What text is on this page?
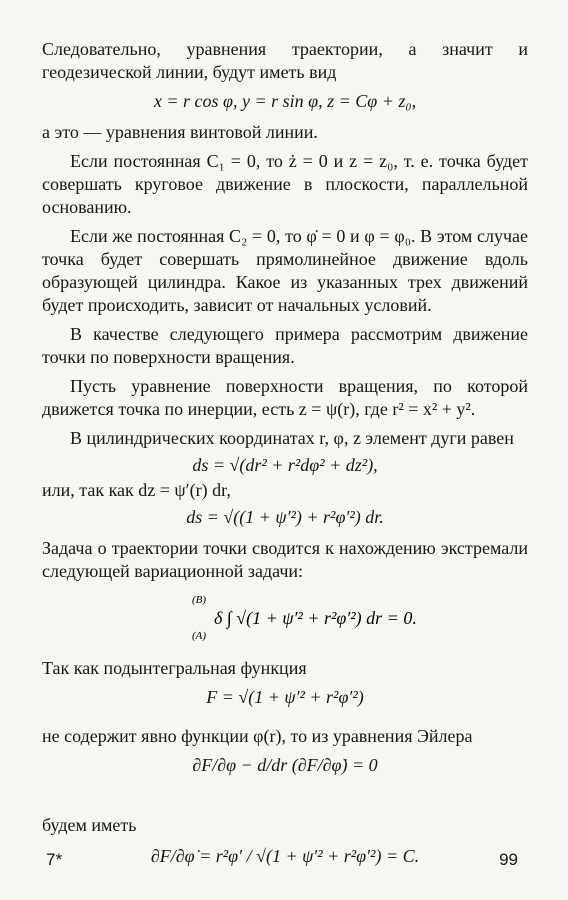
Следовательно, уравнения траектории, а значит и геодезической линии, будут иметь вид

x = r cos φ, y = r sin φ, z = Cφ + z₀,

а это — уравнения винтовой линии.

Если постоянная C₁ = 0, то ż = 0 и z = z₀, т. е. точка будет совершать круговое движение в плоскости, параллельной основанию.

Если же постоянная C₂ = 0, то φ̇ = 0 и φ = φ₀. В этом случае точка будет совершать прямолинейное движение вдоль образующей цилиндра. Какое из указанных трех движений будет происходить, зависит от начальных условий.

В качестве следующего примера рассмотрим движение точки по поверхности вращения.

Пусть уравнение поверхности вращения, по которой движется точка по инерции, есть z = ψ(r), где r² = x² + y².

В цилиндрических координатах r, φ, z элемент дуги равен

ds = √(dr² + r²dφ² + dz²),

или, так как dz = ψ′(r) dr,

ds = √((1 + ψ′²) + r²φ′²) dr.

Задача о траектории точки сводится к нахождению экстремали следующей вариационной задачи:

(B)
(A)
δ ∫ √(1 + ψ′² + r²φ′²) dr = 0.

Так как подынтегральная функция

F = √(1 + ψ′² + r²φ′²)

не содержит явно функции φ(r), то из уравнения Эйлера

∂F/∂φ − d/dr (∂F/∂φ̇) = 0

будем иметь

∂F/∂φ̇ = r²φ′ / √(1 + ψ′² + r²φ′²) = C.
7*	99
